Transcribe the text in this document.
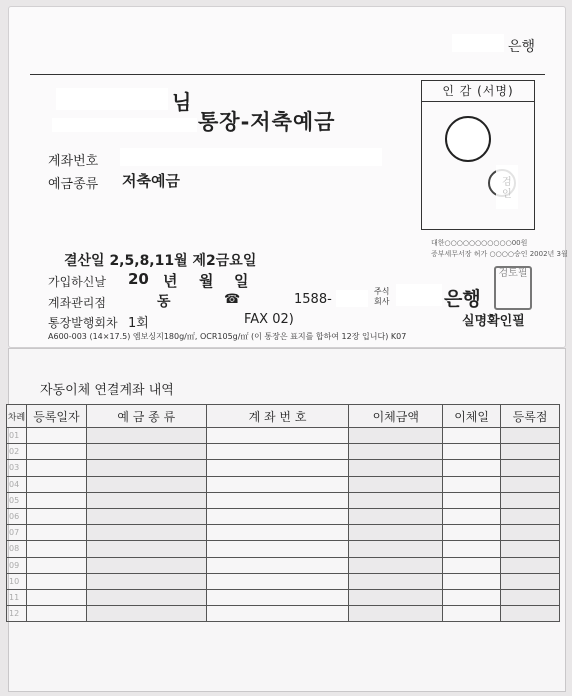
은행
님
통장-저축예금
계좌번호
예금종류 저축예금
인 감 (서명)
검인
대한○○○○○○○○○○○00원
증부세무서장 허가 ○○○○승인 2002년 3월
결산일 2,5,8,11월 제2금요일
가입하신날 20 년 월 일
계좌관리점	동	☎	1588-
주식
회사	은행
검토필
통장발행회차 1회	FAX 02)	실명확인필
A600-003 (14×17.5) 엠보싱지180g/㎡, OCR105g/㎡ (이 통장은 표지를 합하여 12장 입니다) K07
자동이체 연결계좌 내역
차례	등록일자	예 금 종 류	계 좌 번 호	이체금액	이체일	등록점
01						
02						
03						
04						
05						
06						
07						
08						
09						
10						
11						
12						
